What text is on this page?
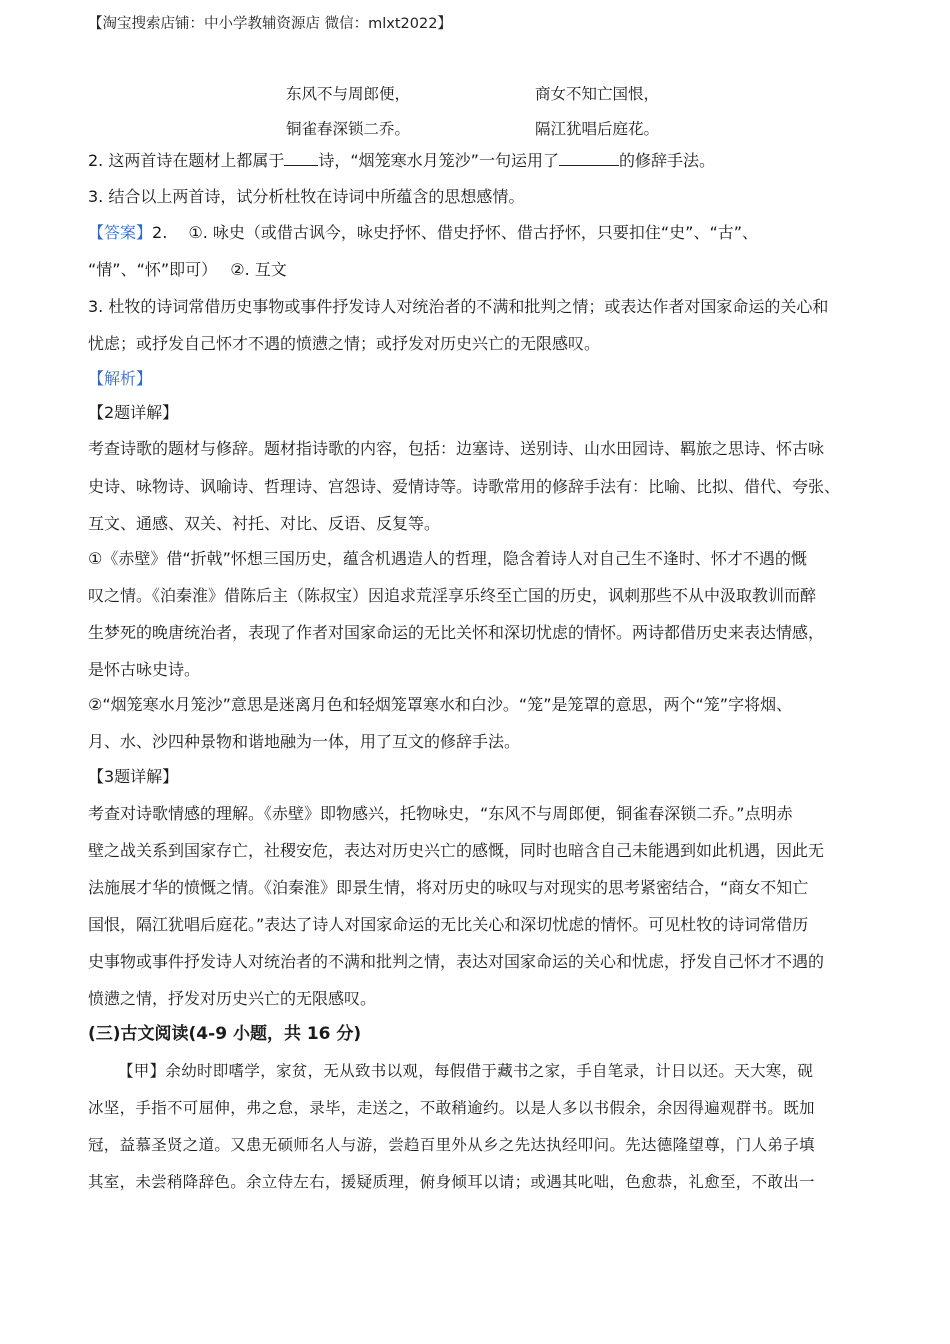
【淘宝搜索店铺：中小学教辅资源店 微信：mlxt2022】
东风不与周郎便，	商女不知亡国恨，
铜雀春深锁二乔。	隔江犹唱后庭花。
2. 这两首诗在题材上都属于 诗，“烟笼寒水月笼沙”一句运用了	的修辞手法。
3. 结合以上两首诗，试分析杜牧在诗词中所蕴含的思想感情。
【答案】2.　 ①. 咏史（或借古讽今，咏史抒怀、借史抒怀、借古抒怀，只要扣住“史”、“古”、
“情”、“怀”即可）　 ②. 互文
3. 杜牧的诗词常借历史事物或事件抒发诗人对统治者的不满和批判之情；或表达作者对国家命运的关心和
忧虑；或抒发自己怀才不遇的愤懑之情；或抒发对历史兴亡的无限感叹。
【解析】
【2题详解】
考查诗歌的题材与修辞。题材指诗歌的内容，包括：边塞诗、送别诗、山水田园诗、羁旅之思诗、怀古咏
史诗、咏物诗、讽喻诗、哲理诗、宫怨诗、爱情诗等。诗歌常用的修辞手法有：比喻、比拟、借代、夸张、
互文、通感、双关、衬托、对比、反语、反复等。
①《赤壁》借“折戟”怀想三国历史，蕴含机遇造人的哲理，隐含着诗人对自己生不逢时、怀才不遇的慨
叹之情。《泊秦淮》借陈后主（陈叔宝）因追求荒淫享乐终至亡国的历史，讽刺那些不从中汲取教训而醉
生梦死的晚唐统治者，表现了作者对国家命运的无比关怀和深切忧虑的情怀。两诗都借历史来表达情感，
是怀古咏史诗。
②“烟笼寒水月笼沙”意思是迷离月色和轻烟笼罩寒水和白沙。“笼”是笼罩的意思，两个“笼”字将烟、
月、水、沙四种景物和谐地融为一体，用了互文的修辞手法。
【3题详解】
考查对诗歌情感的理解。《赤壁》即物感兴，托物咏史，“东风不与周郎便，铜雀春深锁二乔。”点明赤
壁之战关系到国家存亡，社稷安危，表达对历史兴亡的感慨，同时也暗含自己未能遇到如此机遇，因此无
法施展才华的愤慨之情。《泊秦淮》即景生情，将对历史的咏叹与对现实的思考紧密结合，“商女不知亡
国恨，隔江犹唱后庭花。”表达了诗人对国家命运的无比关心和深切忧虑的情怀。可见杜牧的诗词常借历
史事物或事件抒发诗人对统治者的不满和批判之情，表达对国家命运的关心和忧虑，抒发自己怀才不遇的
愤懑之情，抒发对历史兴亡的无限感叹。
(三)古文阅读(4-9 小题，共 16 分)
【甲】余幼时即嗜学，家贫，无从致书以观，每假借于藏书之家，手自笔录，计日以还。天大寒，砚
冰坚，手指不可屈伸，弗之怠，录毕，走送之，不敢稍逾约。以是人多以书假余，余因得遍观群书。既加
冠，益慕圣贤之道。又患无硕师名人与游，尝趋百里外从乡之先达执经叩问。先达德隆望尊，门人弟子填
其室，未尝稍降辞色。余立侍左右，援疑质理，俯身倾耳以请；或遇其叱咄，色愈恭，礼愈至，不敢出一
